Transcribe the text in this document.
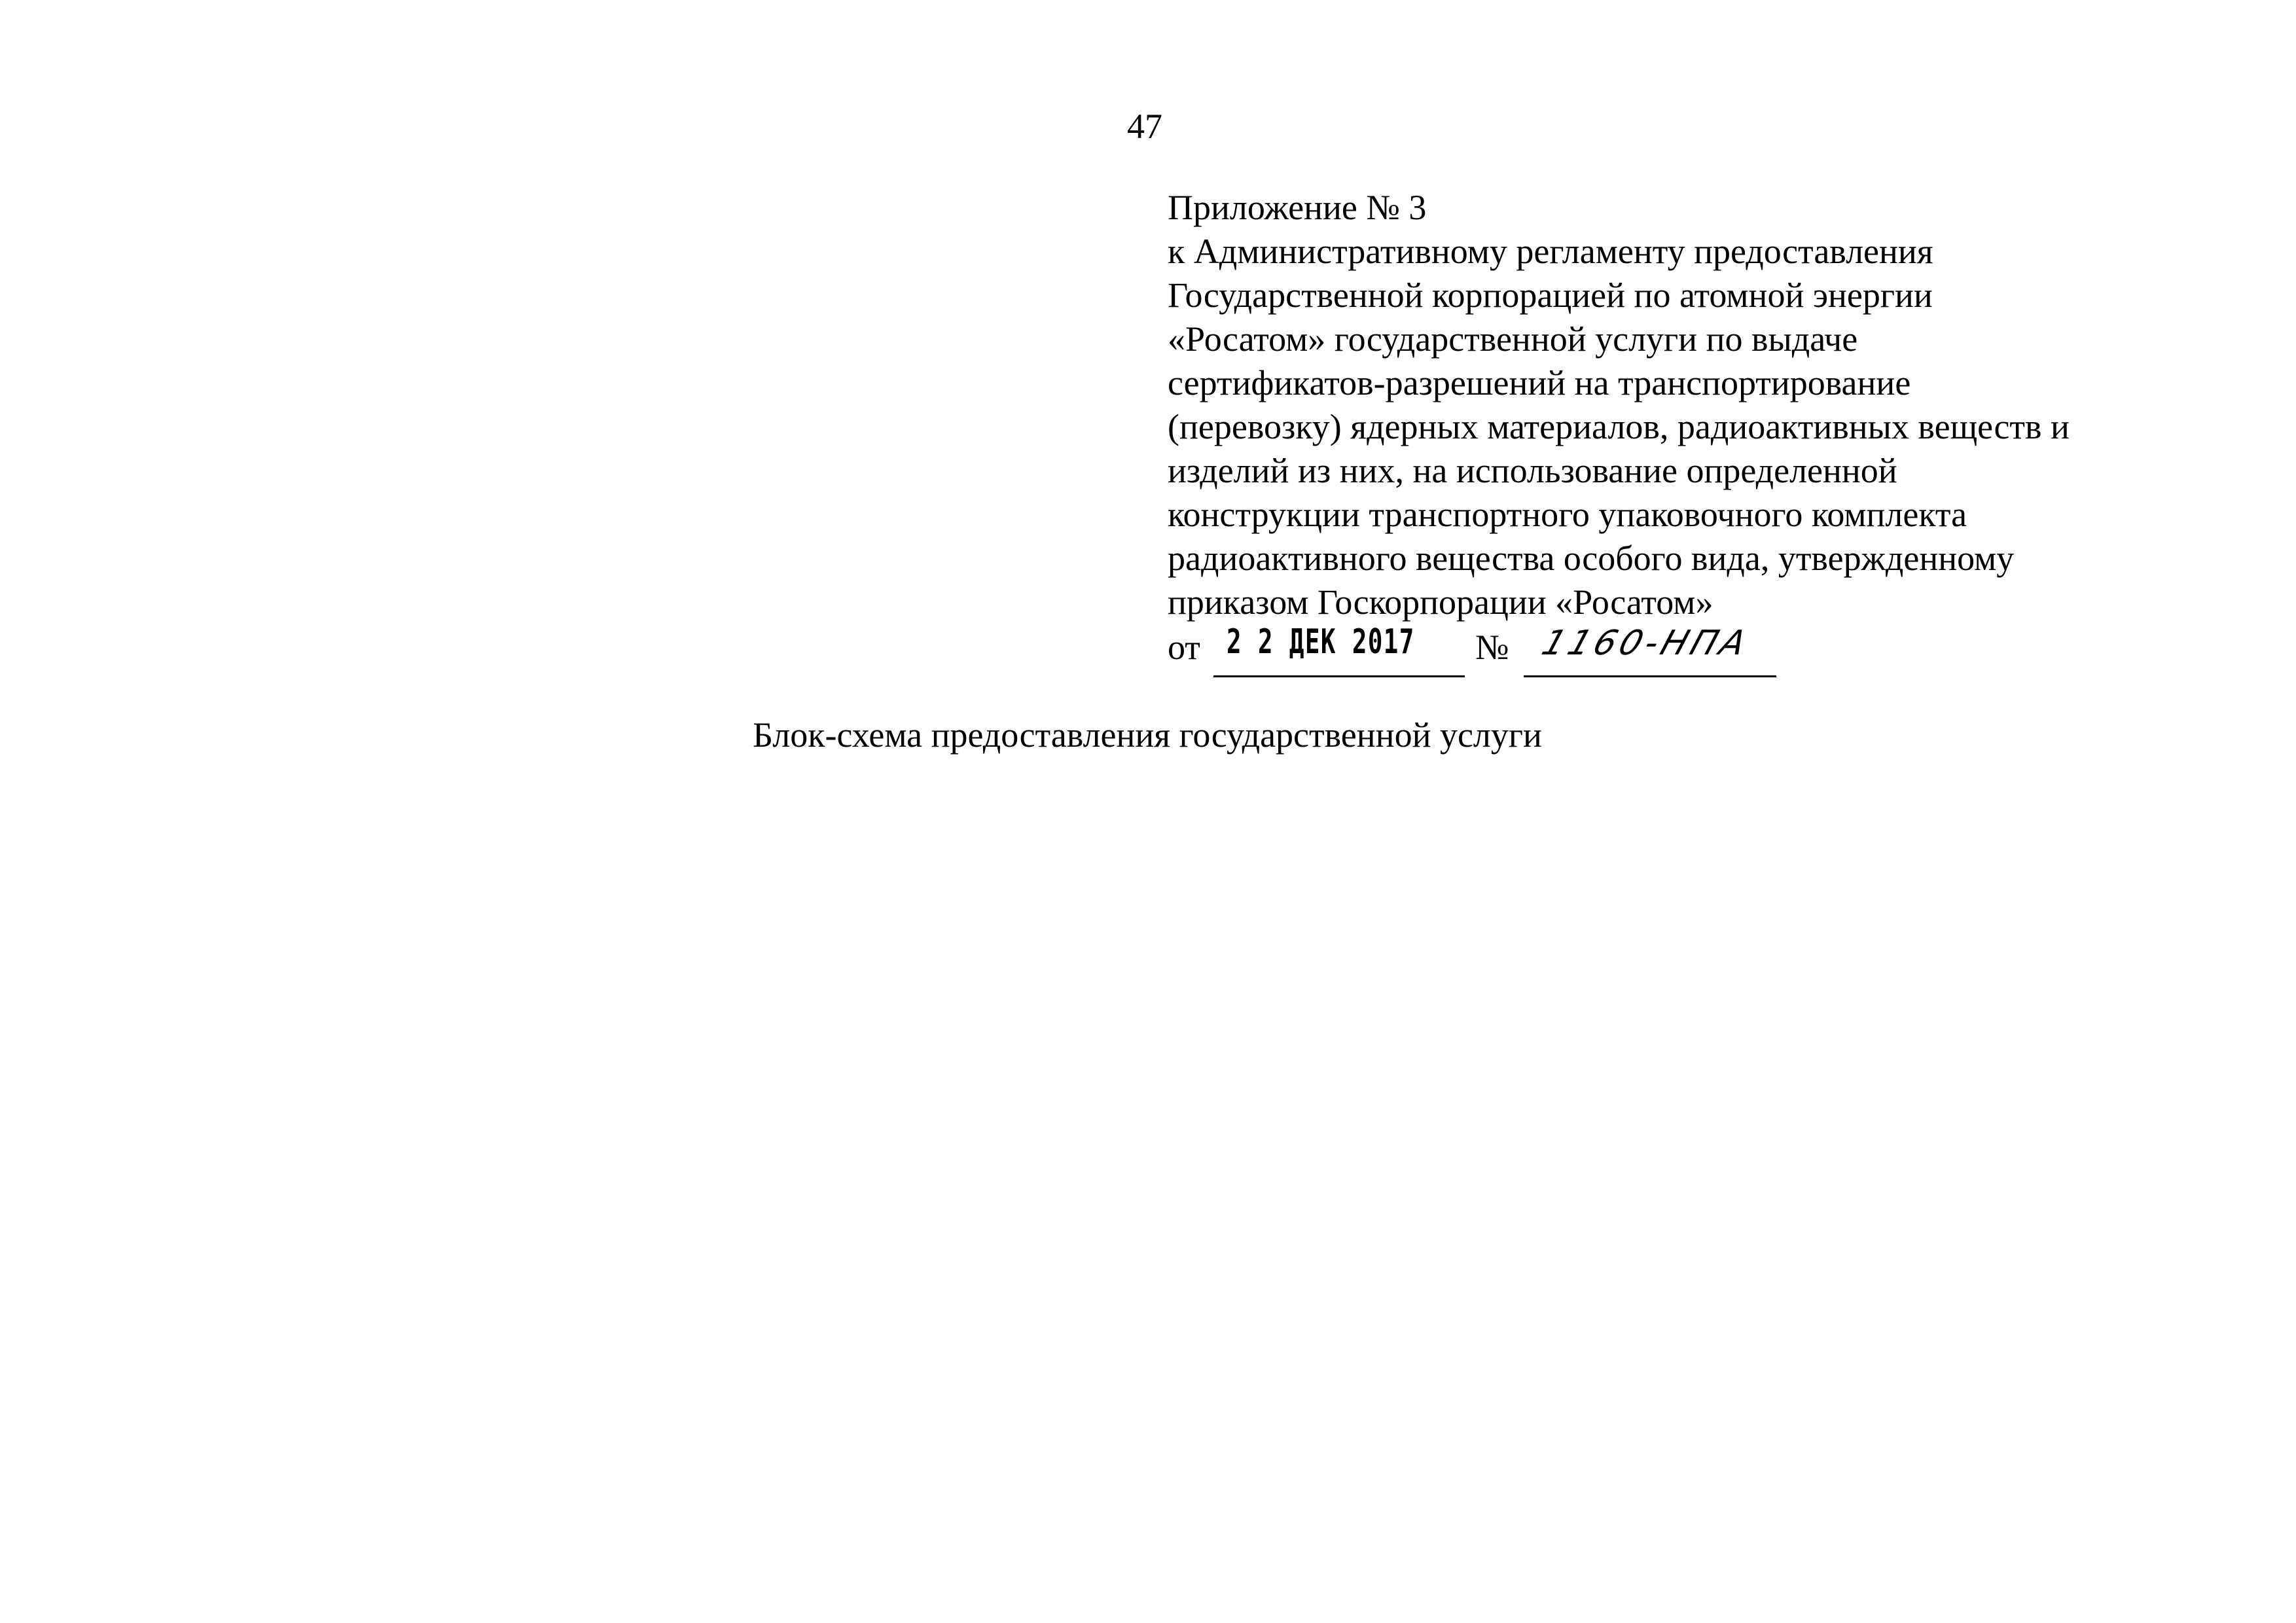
47
Приложение № 3
к Административному регламенту предоставления
Государственной корпорацией по атомной энергии
«Росатом» государственной услуги по выдаче
сертификатов-разрешений на транспортирование
(перевозку) ядерных материалов, радиоактивных веществ и
изделий из них, на использование определенной
конструкции транспортного упаковочного комплекта
радиоактивного вещества особого вида, утвержденному
приказом Госкорпорации «Росатом»
от 2 2 ДЕК 2017 № 1160-НПА
Блок-схема предоставления государственной услуги
